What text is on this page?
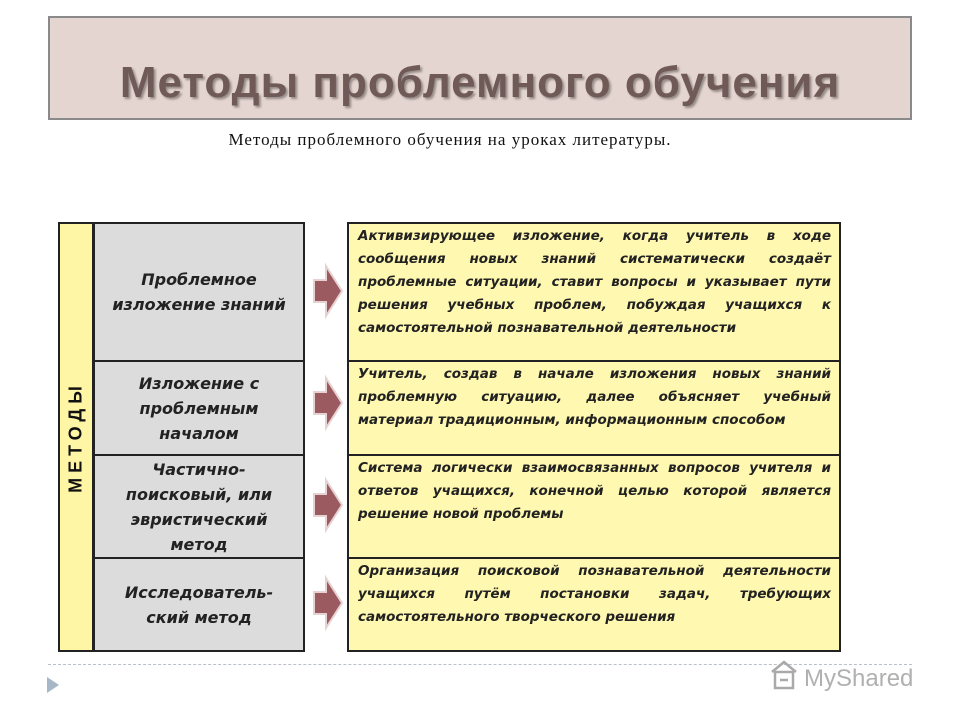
Методы проблемного обучения
Методы проблемного обучения на уроках литературы.
МЕТОДЫ
Проблемное изложение знаний
Изложение с проблемным началом
Частично-поисковый, или эвристический метод
Исследователь-ский метод
Активизирующее изложение, когда учитель в ходе сообщения новых знаний систематически создаёт проблемные ситуации, ставит вопросы и указывает пути решения учебных проблем, побуждая учащихся к самостоятельной познавательной деятельности
Учитель, создав в начале изложения новых знаний проблемную ситуацию, далее объясняет учебный материал традиционным, информационным способом
Система логически взаимосвязанных вопросов учителя и ответов учащихся, конечной целью которой является решение новой проблемы
Организация поисковой познавательной деятельности учащихся путём постановки задач, требующих самостоятельного творческого решения
MyShared
